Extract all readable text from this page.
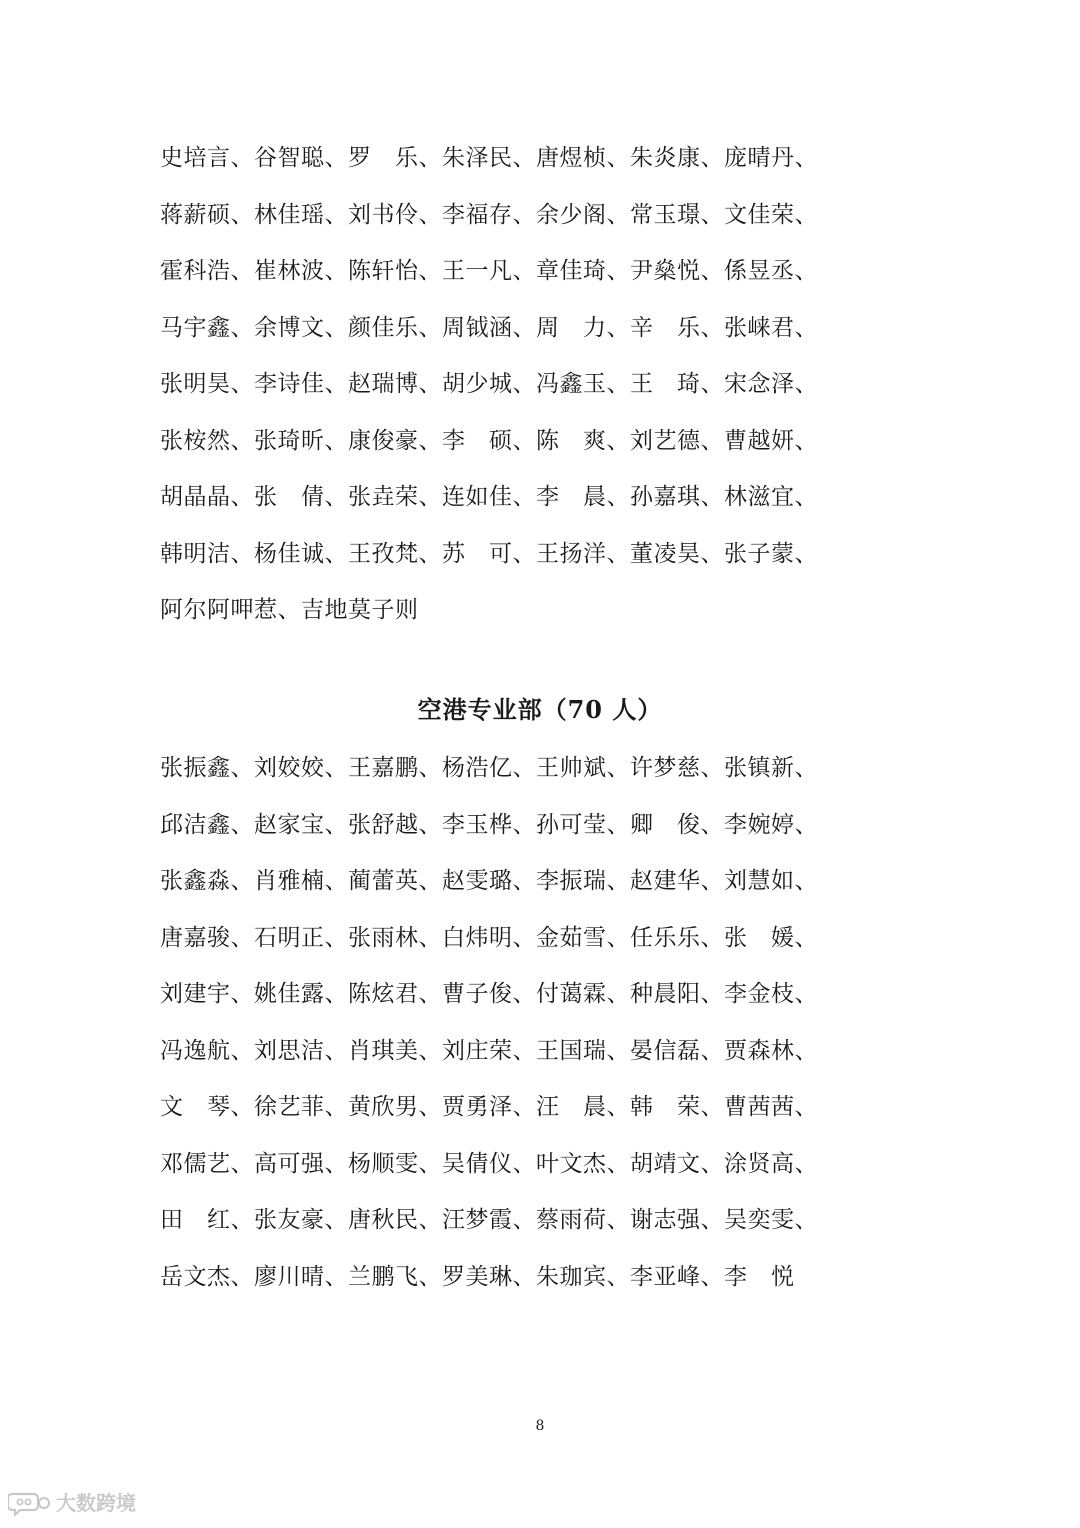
史培言、谷智聪、罗　乐、朱泽民、唐煜桢、朱炎康、庞晴丹、
蒋薪硕、林佳瑶、刘书伶、李福存、余少阁、常玉璟、文佳荣、
霍科浩、崔林波、陈轩怡、王一凡、章佳琦、尹燊悦、係昱丞、
马宇鑫、余博文、颜佳乐、周钺涵、周　力、辛　乐、张崃君、
张明昊、李诗佳、赵瑞博、胡少城、冯鑫玉、王　琦、宋念泽、
张桉然、张琦昕、康俊豪、李　硕、陈　爽、刘艺德、曹越妍、
胡晶晶、张　倩、张垚荣、连如佳、李　晨、孙嘉琪、林滋宜、
韩明洁、杨佳诚、王孜梵、苏　可、王扬洋、董凌昊、张子蒙、
阿尔阿呷惹、吉地莫子则
空港专业部（70 人）
张振鑫、刘姣姣、王嘉鹏、杨浩亿、王帅斌、许梦慈、张镇新、
邱洁鑫、赵家宝、张舒越、李玉桦、孙可莹、卿　俊、李婉婷、
张鑫淼、肖雅楠、蔺蕾英、赵雯璐、李振瑞、赵建华、刘慧如、
唐嘉骏、石明正、张雨林、白炜明、金茹雪、任乐乐、张　媛、
刘建宇、姚佳露、陈炫君、曹子俊、付蔼霖、种晨阳、李金枝、
冯逸航、刘思洁、肖琪美、刘庄荣、王国瑞、晏信磊、贾森林、
文　琴、徐艺菲、黄欣男、贾勇泽、汪　晨、韩　荣、曹茜茜、
邓儒艺、高可强、杨顺雯、吴倩仪、叶文杰、胡靖文、涂贤高、
田　红、张友豪、唐秋民、汪梦霞、蔡雨荷、谢志强、吴奕雯、
岳文杰、廖川晴、兰鹏飞、罗美琳、朱珈宾、李亚峰、李　悦
8
大数跨境
